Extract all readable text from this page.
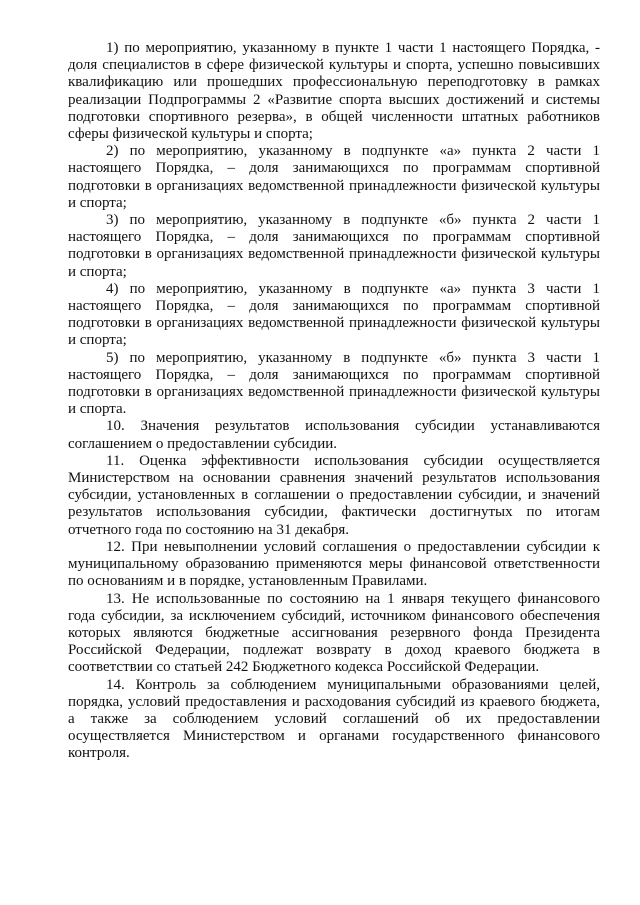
1) по мероприятию, указанному в пункте 1 части 1 настоящего Порядка, - доля специалистов в сфере физической культуры и спорта, успешно повысивших квалификацию или прошедших профессиональную переподготовку в рамках реализации Подпрограммы 2 «Развитие спорта высших достижений и системы подготовки спортивного резерва», в общей численности штатных работников сферы физической культуры и спорта;

2) по мероприятию, указанному в подпункте «а» пункта 2 части 1 настоящего Порядка, – доля занимающихся по программам спортивной подготовки в организациях ведомственной принадлежности физической культуры и спорта;

3) по мероприятию, указанному в подпункте «б» пункта 2 части 1 настоящего Порядка, – доля занимающихся по программам спортивной подготовки в организациях ведомственной принадлежности физической культуры и спорта;

4) по мероприятию, указанному в подпункте «а» пункта 3 части 1 настоящего Порядка, – доля занимающихся по программам спортивной подготовки в организациях ведомственной принадлежности физической культуры и спорта;

5) по мероприятию, указанному в подпункте «б» пункта 3 части 1 настоящего Порядка, – доля занимающихся по программам спортивной подготовки в организациях ведомственной принадлежности физической культуры и спорта.

10. Значения результатов использования субсидии устанавливаются соглашением о предоставлении субсидии.

11. Оценка эффективности использования субсидии осуществляется Министерством на основании сравнения значений результатов использования субсидии, установленных в соглашении о предоставлении субсидии, и значений результатов использования субсидии, фактически достигнутых по итогам отчетного года по состоянию на 31 декабря.

12. При невыполнении условий соглашения о предоставлении субсидии к муниципальному образованию применяются меры финансовой ответственности по основаниям и в порядке, установленным Правилами.

13. Не использованные по состоянию на 1 января текущего финансового года субсидии, за исключением субсидий, источником финансового обеспечения которых являются бюджетные ассигнования резервного фонда Президента Российской Федерации, подлежат возврату в доход краевого бюджета в соответствии со статьей 242 Бюджетного кодекса Российской Федерации.

14. Контроль за соблюдением муниципальными образованиями целей, порядка, условий предоставления и расходования субсидий из краевого бюджета, а также за соблюдением условий соглашений об их предоставлении осуществляется Министерством и органами государственного финансового контроля.
